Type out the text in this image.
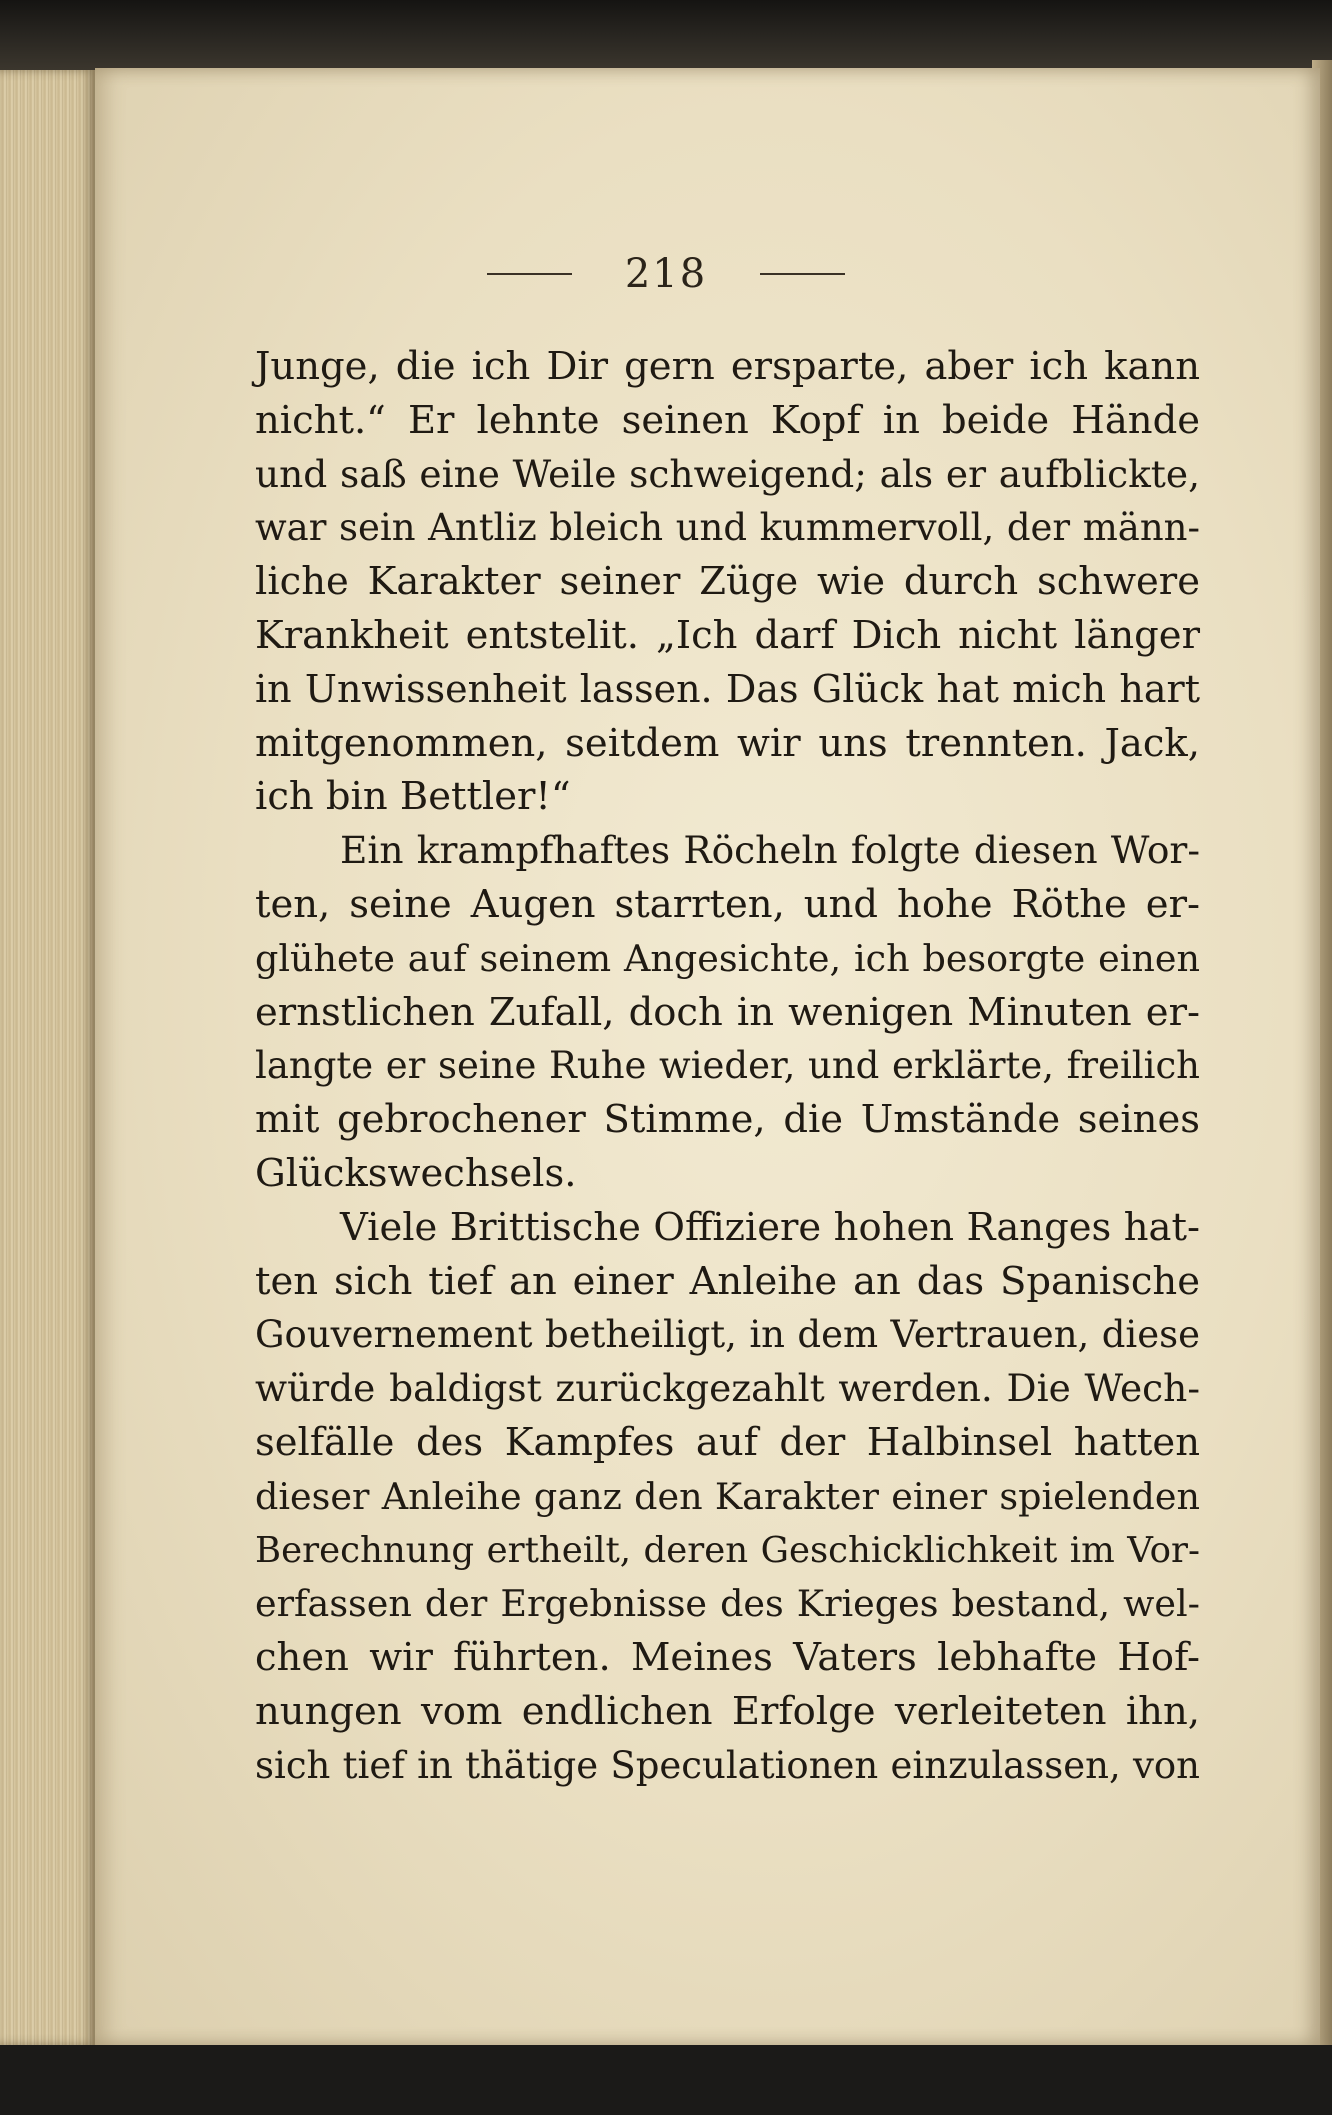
218
Junge, die ich Dir gern ersparte, aber ich kann
nicht.“ Er lehnte seinen Kopf in beide Hände
und saß eine Weile schweigend; als er aufblickte,
war sein Antliz bleich und kummervoll, der männ-
liche Karakter seiner Züge wie durch schwere
Krankheit entstelit. „Ich darf Dich nicht länger
in Unwissenheit lassen. Das Glück hat mich hart
mitgenommen, seitdem wir uns trennten. Jack,
ich bin Bettler!“
Ein krampfhaftes Röcheln folgte diesen Wor-
ten, seine Augen starrten, und hohe Röthe er-
glühete auf seinem Angesichte, ich besorgte einen
ernstlichen Zufall, doch in wenigen Minuten er-
langte er seine Ruhe wieder, und erklärte, freilich
mit gebrochener Stimme, die Umstände seines
Glückswechsels.
Viele Brittische Offiziere hohen Ranges hat-
ten sich tief an einer Anleihe an das Spanische
Gouvernement betheiligt, in dem Vertrauen, diese
würde baldigst zurückgezahlt werden. Die Wech-
selfälle des Kampfes auf der Halbinsel hatten
dieser Anleihe ganz den Karakter einer spielenden
Berechnung ertheilt, deren Geschicklichkeit im Vor-
erfassen der Ergebnisse des Krieges bestand, wel-
chen wir führten. Meines Vaters lebhafte Hof-
nungen vom endlichen Erfolge verleiteten ihn,
sich tief in thätige Speculationen einzulassen, von
